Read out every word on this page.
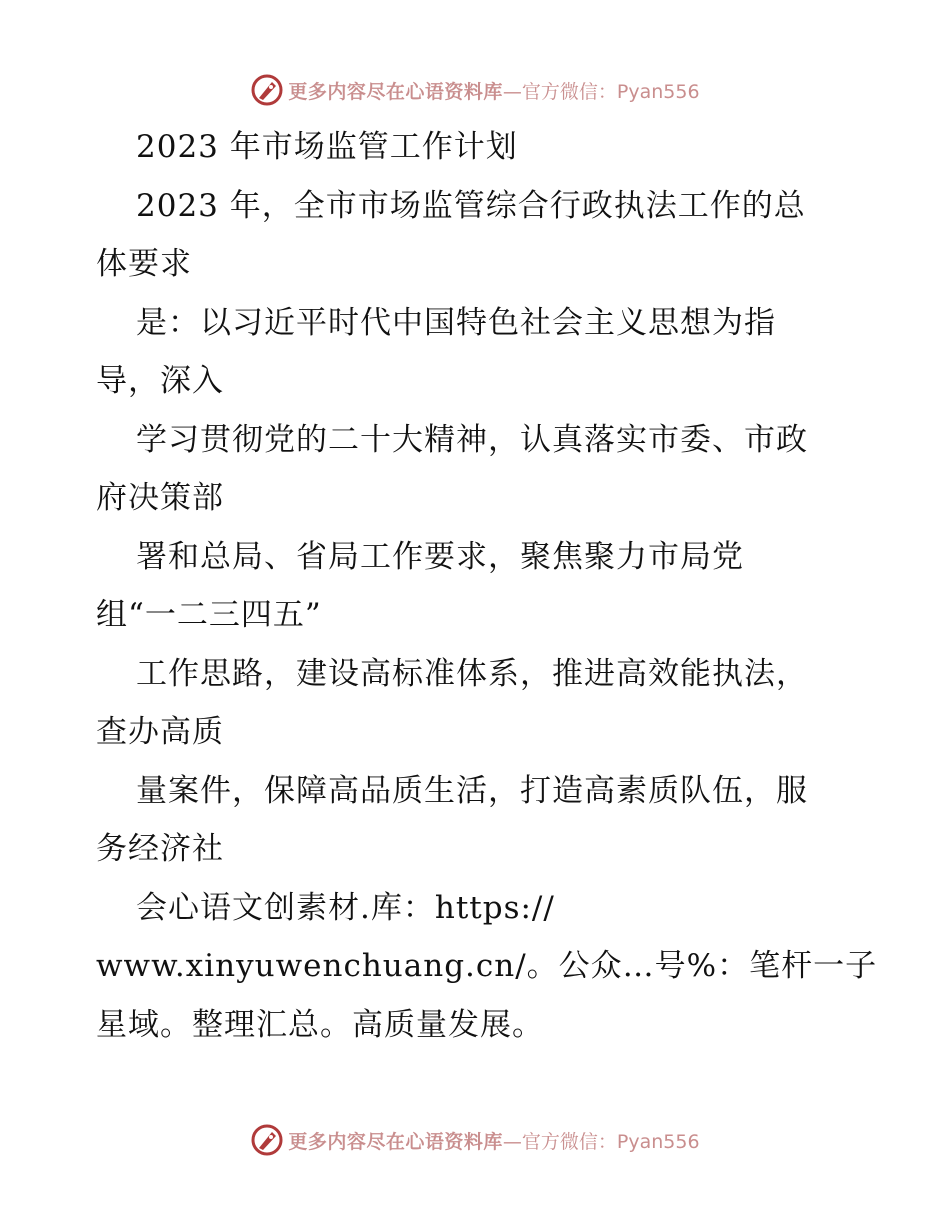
更多内容尽在心语资料库 —官方微信：Pyan556
2023 年市场监管工作计划
2023 年，全市市场监管综合行政执法工作的总
体要求
是：以习近平时代中国特色社会主义思想为指
导，深入
学习贯彻党的二十大精神，认真落实市委、市政
府决策部
署和总局、省局工作要求，聚焦聚力市局党
组“一二三四五”
工作思路，建设高标准体系，推进高效能执法，
查办高质
量案件，保障高品质生活，打造高素质队伍，服
务经济社
会心语文创素材.库：https://
www.xinyuwenchuang.cn/。公众…号%：笔杆一子
星域。整理汇总。高质量发展。
更多内容尽在心语资料库 —官方微信：Pyan556
